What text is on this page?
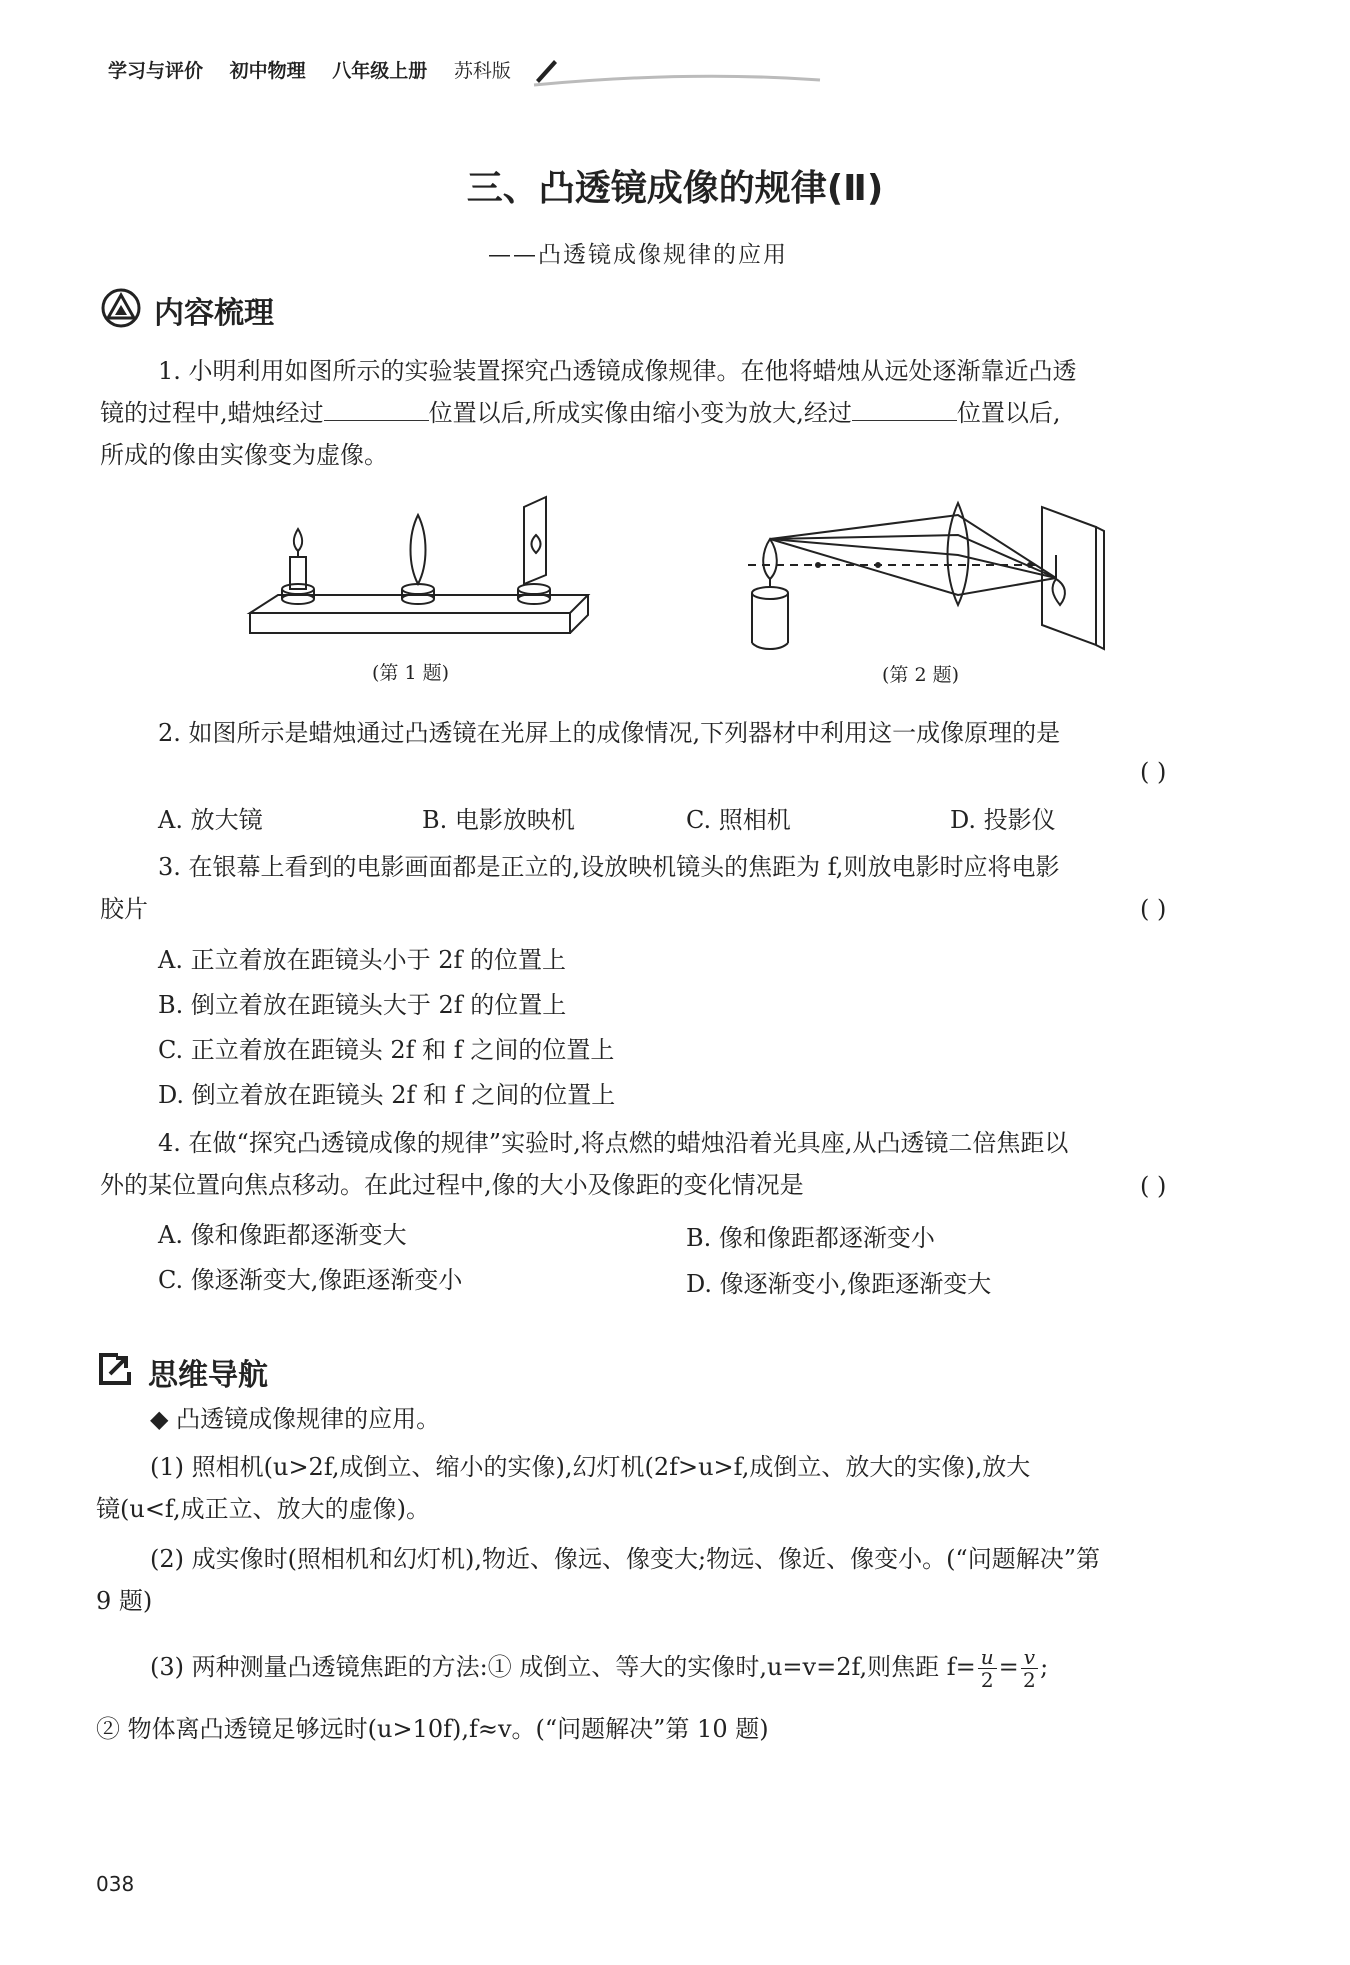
学习与评价 初中物理 八年级上册 苏科版
三、凸透镜成像的规律(Ⅱ)
——凸透镜成像规律的应用
内容梳理
1. 小明利用如图所示的实验装置探究凸透镜成像规律。在他将蜡烛从远处逐渐靠近凸透
镜的过程中,蜡烛经过	位置以后,所成实像由缩小变为放大,经过	位置以后,
所成的像由实像变为虚像。
(第 1 题)	(第 2 题)
2. 如图所示是蜡烛通过凸透镜在光屏上的成像情况,下列器材中利用这一成像原理的是
( )
A. 放大镜	B. 电影放映机	C. 照相机	D. 投影仪
3. 在银幕上看到的电影画面都是正立的,设放映机镜头的焦距为 f,则放电影时应将电影
胶片	( )
A. 正立着放在距镜头小于 2f 的位置上
B. 倒立着放在距镜头大于 2f 的位置上
C. 正立着放在距镜头 2f 和 f 之间的位置上
D. 倒立着放在距镜头 2f 和 f 之间的位置上
4. 在做“探究凸透镜成像的规律”实验时,将点燃的蜡烛沿着光具座,从凸透镜二倍焦距以
外的某位置向焦点移动。在此过程中,像的大小及像距的变化情况是	( )
A. 像和像距都逐渐变大	B. 像和像距都逐渐变小
C. 像逐渐变大,像距逐渐变小	D. 像逐渐变小,像距逐渐变大
思维导航
◆ 凸透镜成像规律的应用。
(1) 照相机(u>2f,成倒立、缩小的实像),幻灯机(2f>u>f,成倒立、放大的实像),放大
镜(u<f,成正立、放大的虚像)。
(2) 成实像时(照相机和幻灯机),物近、像远、像变大;物远、像近、像变小。(“问题解决”第
9 题)
(3) 两种测量凸透镜焦距的方法:① 成倒立、等大的实像时,u=v=2f,则焦距 $f= \frac{u}{2} = \frac{v}{2}$ ;
② 物体离凸透镜足够远时(u>10f),f≈v。(“问题解决”第 10 题)
038
